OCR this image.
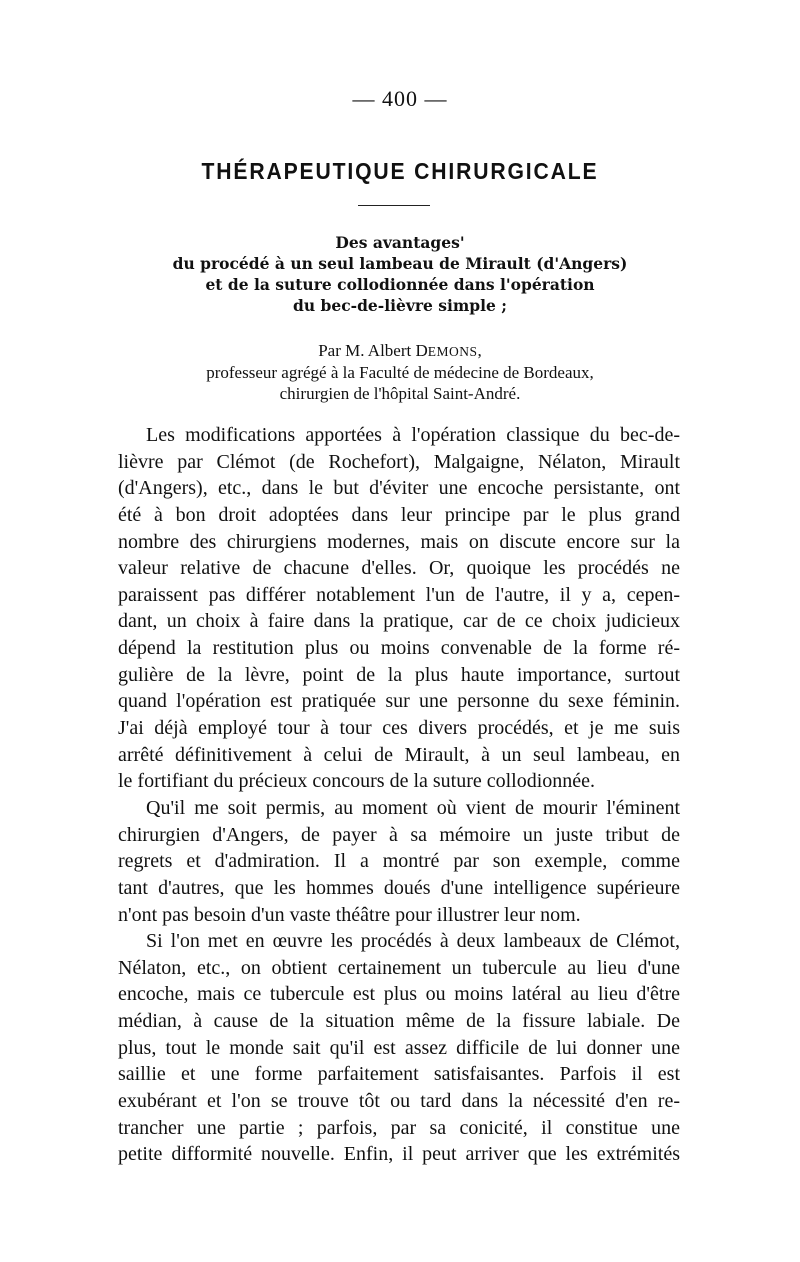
— 400 —
THÉRAPEUTIQUE CHIRURGICALE
Des avantages'
du procédé à un seul lambeau de Mirault (d'Angers)
et de la suture collodionnée dans l'opération
du bec-de-lièvre simple ;
Par M. Albert DEMONS,
professeur agrégé à la Faculté de médecine de Bordeaux,
chirurgien de l'hôpital Saint-André.
Les modifications apportées à l'opération classique du bec-de-
lièvre par Clémot (de Rochefort), Malgaigne, Nélaton, Mirault
(d'Angers), etc., dans le but d'éviter une encoche persistante, ont
été à bon droit adoptées dans leur principe par le plus grand
nombre des chirurgiens modernes, mais on discute encore sur la
valeur relative de chacune d'elles. Or, quoique les procédés ne
paraissent pas différer notablement l'un de l'autre, il y a, cepen-
dant, un choix à faire dans la pratique, car de ce choix judicieux
dépend la restitution plus ou moins convenable de la forme ré-
gulière de la lèvre, point de la plus haute importance, surtout
quand l'opération est pratiquée sur une personne du sexe féminin.
J'ai déjà employé tour à tour ces divers procédés, et je me suis
arrêté définitivement à celui de Mirault, à un seul lambeau, en
le fortifiant du précieux concours de la suture collodionnée.
Qu'il me soit permis, au moment où vient de mourir l'éminent
chirurgien d'Angers, de payer à sa mémoire un juste tribut de
regrets et d'admiration. Il a montré par son exemple, comme
tant d'autres, que les hommes doués d'une intelligence supérieure
n'ont pas besoin d'un vaste théâtre pour illustrer leur nom.
Si l'on met en œuvre les procédés à deux lambeaux de Clémot,
Nélaton, etc., on obtient certainement un tubercule au lieu d'une
encoche, mais ce tubercule est plus ou moins latéral au lieu d'être
médian, à cause de la situation même de la fissure labiale. De
plus, tout le monde sait qu'il est assez difficile de lui donner une
saillie et une forme parfaitement satisfaisantes. Parfois il est
exubérant et l'on se trouve tôt ou tard dans la nécessité d'en re-
trancher une partie ; parfois, par sa conicité, il constitue une
petite difformité nouvelle. Enfin, il peut arriver que les extrémités
